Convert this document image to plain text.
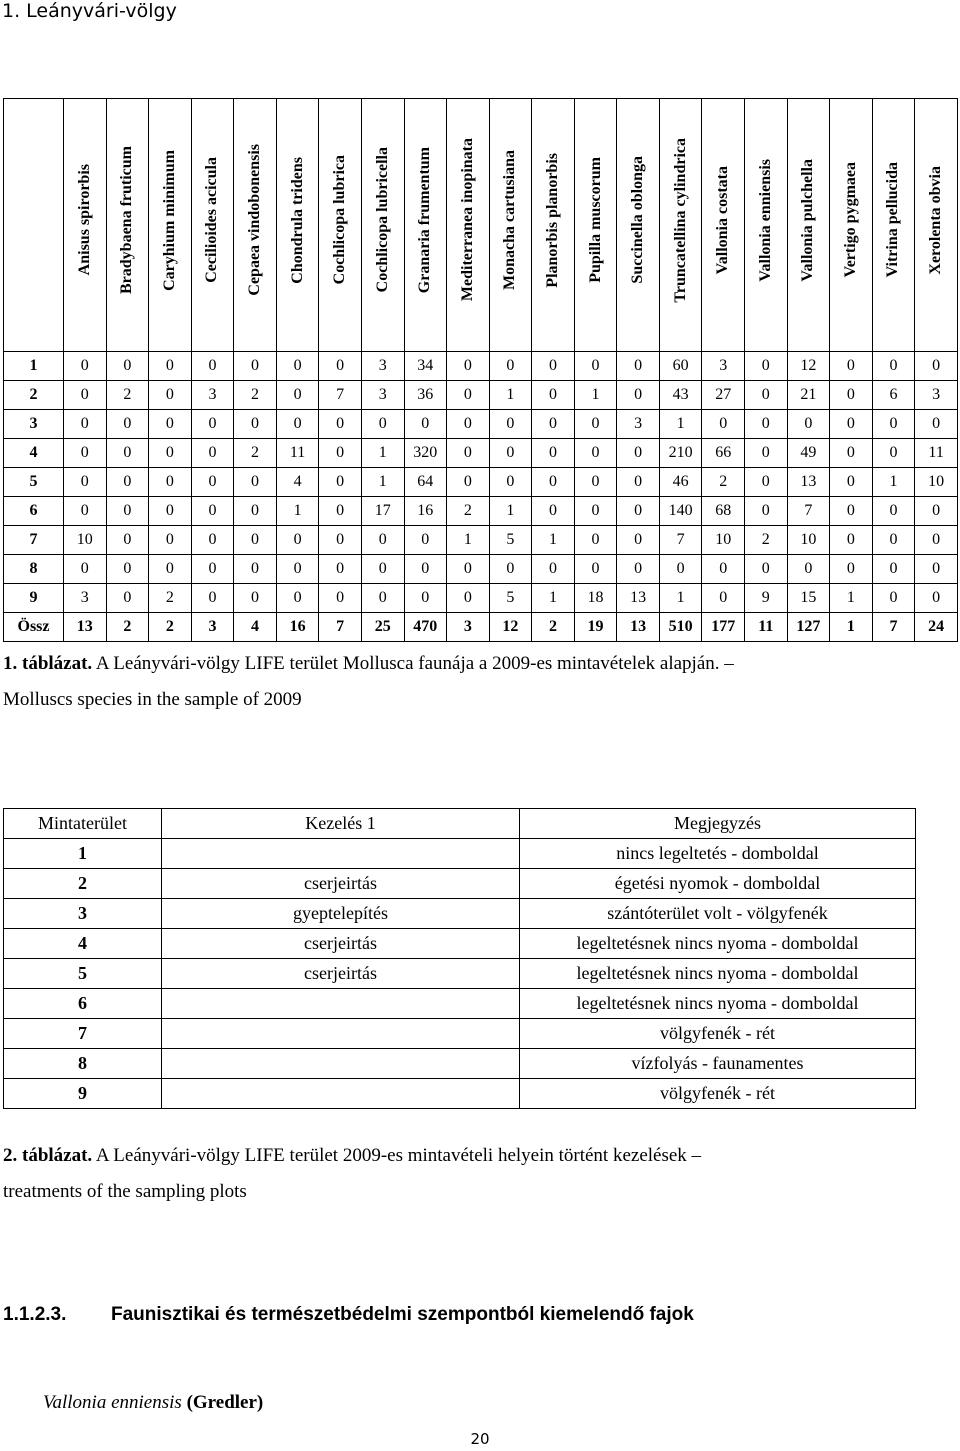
1. Leányvári-völgy
	Anisus spirorbis	Bradybaena fruticum	Caryhium minimum	Cecilioides acicula	Cepaea vindobonensis	Chondrula tridens	Cochlicopa lubrica	Cochlicopa lubricella	Granaria frumentum	Mediterranea inopinata	Monacha cartusiana	Planorbis planorbis	Pupilla muscorum	Succinella oblonga	Truncatellina cylindrica	Vallonia costata	Vallonia enniensis	Vallonia pulchella	Vertigo pygmaea	Vitrina pellucida	Xerolenta obvia
1	0	0	0	0	0	0	0	3	34	0	0	0	0	0	60	3	0	12	0	0	0
2	0	2	0	3	2	0	7	3	36	0	1	0	1	0	43	27	0	21	0	6	3
3	0	0	0	0	0	0	0	0	0	0	0	0	0	3	1	0	0	0	0	0	0
4	0	0	0	0	2	11	0	1	320	0	0	0	0	0	210	66	0	49	0	0	11
5	0	0	0	0	0	4	0	1	64	0	0	0	0	0	46	2	0	13	0	1	10
6	0	0	0	0	0	1	0	17	16	2	1	0	0	0	140	68	0	7	0	0	0
7	10	0	0	0	0	0	0	0	0	1	5	1	0	0	7	10	2	10	0	0	0
8	0	0	0	0	0	0	0	0	0	0	0	0	0	0	0	0	0	0	0	0	0
9	3	0	2	0	0	0	0	0	0	0	5	1	18	13	1	0	9	15	1	0	0
Össz	13	2	2	3	4	16	7	25	470	3	12	2	19	13	510	177	11	127	1	7	24
1. táblázat. A Leányvári-völgy LIFE terület Mollusca faunája a 2009-es mintavételek alapján. –
Molluscs species in the sample of 2009
Mintaterület	Kezelés 1	Megjegyzés
1		nincs legeltetés - domboldal
2	cserjeirtás	égetési nyomok - domboldal
3	gyeptelepítés	szántóterület volt - völgyfenék
4	cserjeirtás	legeltetésnek nincs nyoma - domboldal
5	cserjeirtás	legeltetésnek nincs nyoma - domboldal
6		legeltetésnek nincs nyoma - domboldal
7		völgyfenék - rét
8		vízfolyás - faunamentes
9		völgyfenék - rét
2. táblázat. A Leányvári-völgy LIFE terület 2009-es mintavételi helyein történt kezelések –
treatments of the sampling plots
1.1.2.3. Faunisztikai és természetbédelmi szempontból kiemelendő fajok
Vallonia enniensis (Gredler)
20
